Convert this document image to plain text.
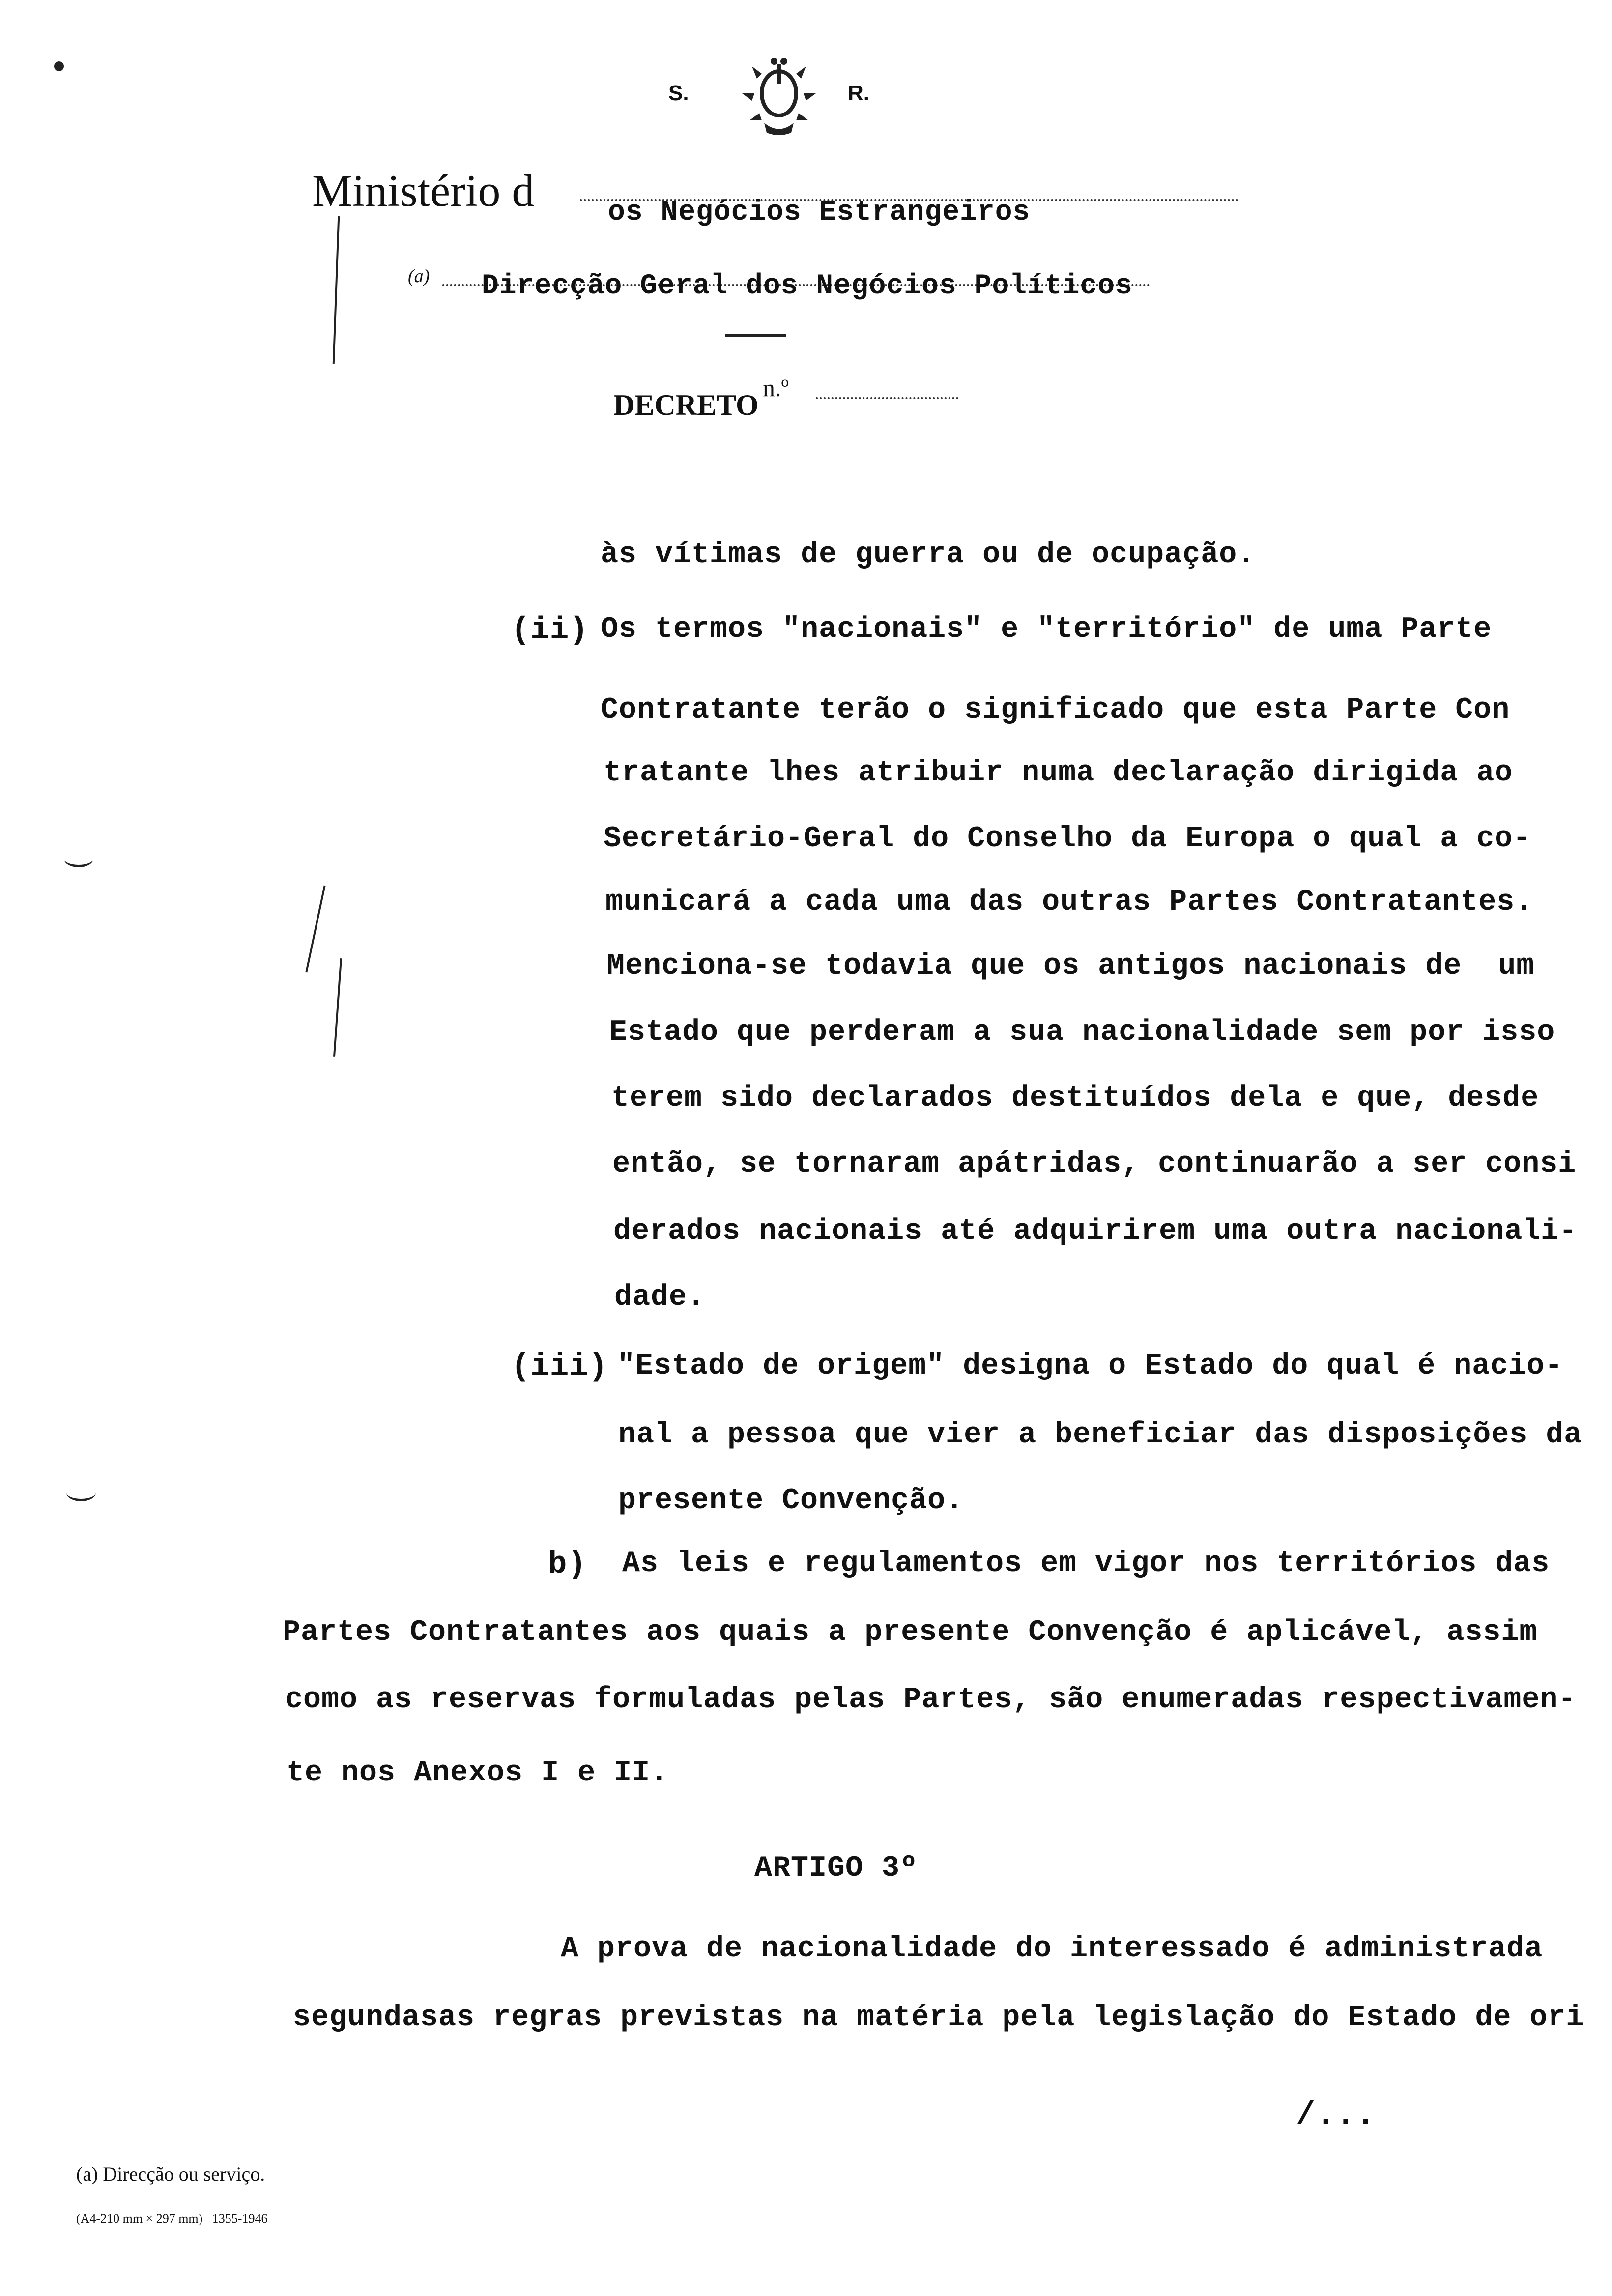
S.	R.
Ministério d	os Negócios Estrangeiros
(a) Direcção Geral dos Negócios Políticos
DECRETO
n.º
às vítimas de guerra ou de ocupação.
(ii) Os termos "nacionais" e "território" de uma Parte
Contratante terão o significado que esta Parte Con
tratante lhes atribuir numa declaração dirigida ao
Secretário-Geral do Conselho da Europa o qual a co-
municará a cada uma das outras Partes Contratantes.
Menciona-se todavia que os antigos nacionais de  um
Estado que perderam a sua nacionalidade sem por isso
terem sido declarados destituídos dela e que, desde
então, se tornaram apátridas, continuarão a ser consi
derados nacionais até adquirirem uma outra nacionali-
dade.
(iii) "Estado de origem" designa o Estado do qual é nacio-
nal a pessoa que vier a beneficiar das disposições da
presente Convenção.
b) As leis e regulamentos em vigor nos territórios das
Partes Contratantes aos quais a presente Convenção é aplicável, assim
como as reservas formuladas pelas Partes, são enumeradas respectivamen-
te nos Anexos I e II.
ARTIGO 3º
A prova de nacionalidade do interessado é administrada
segundasas regras previstas na matéria pela legislação do Estado de ori
/...
(a) Direcção ou serviço.
(A4-210 mm × 297 mm)   1355-1946
